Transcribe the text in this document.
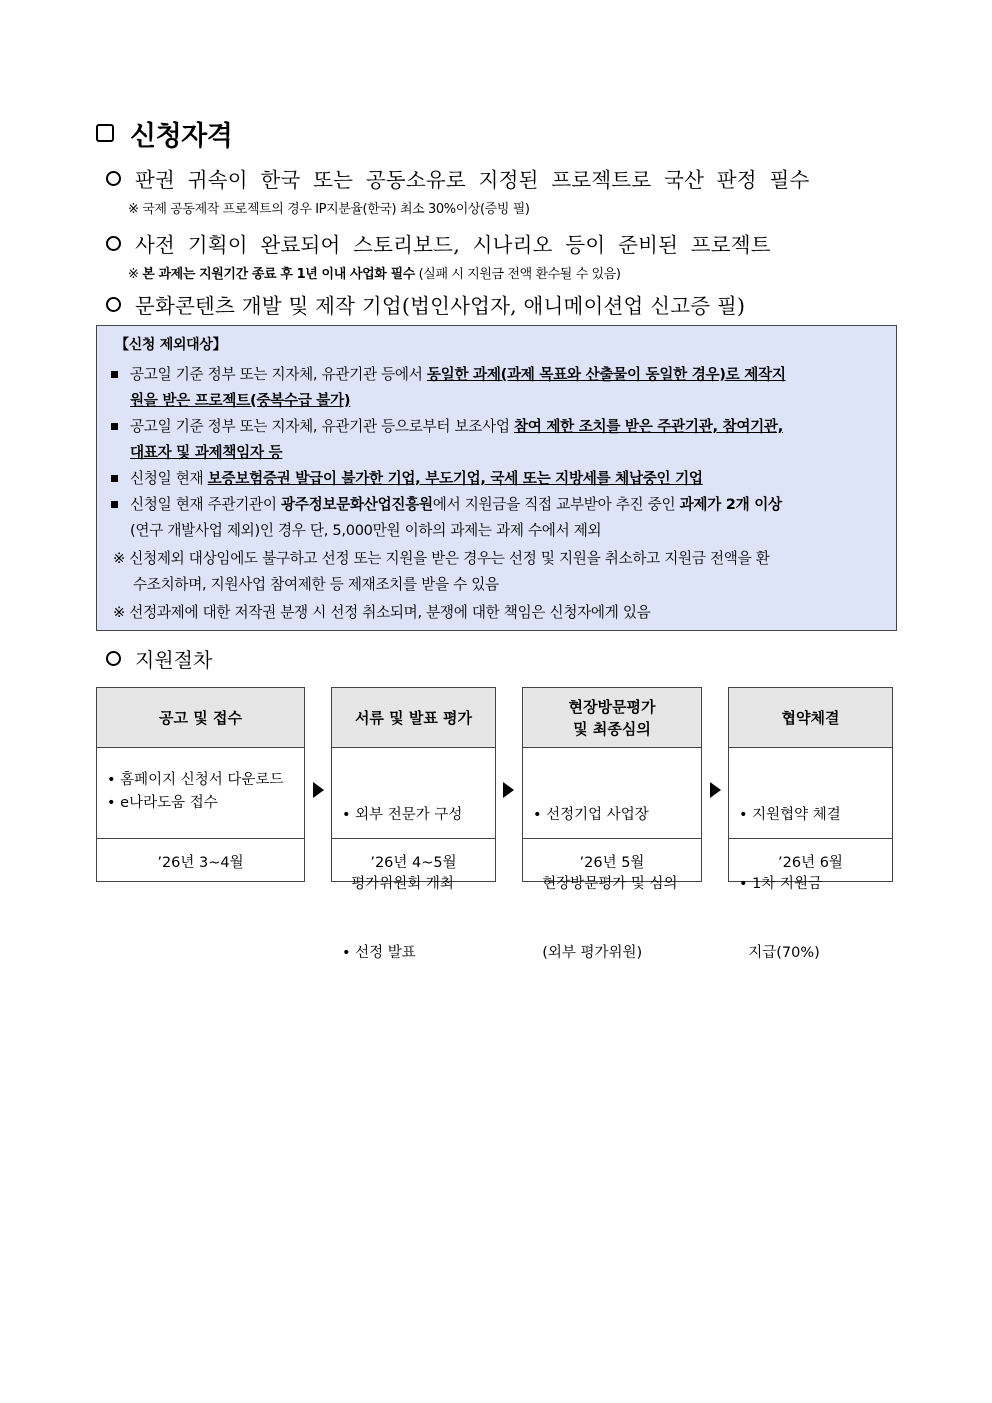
신청자격
판권 귀속이 한국 또는 공동소유로 지정된 프로젝트로 국산 판정 필수
※ 국제 공동제작 프로젝트의 경우 IP지분율(한국) 최소 30%이상(증빙 필)
사전 기획이 완료되어 스토리보드, 시나리오 등이 준비된 프로젝트
※ 본 과제는 지원기간 종료 후 1년 이내 사업화 필수 (실패 시 지원금 전액 환수될 수 있음)
문화콘텐츠 개발 및 제작 기업(법인사업자, 애니메이션업 신고증 필)
【신청 제외대상】
공고일 기준 정부 또는 지자체, 유관기관 등에서 동일한 과제(과제 목표와 산출물이 동일한 경우)로 제작지
원을 받은 프로젝트(중복수급 불가)
공고일 기준 정부 또는 지자체, 유관기관 등으로부터 보조사업 참여 제한 조치를 받은 주관기관, 참여기관,
대표자 및 과제책임자 등
신청일 현재 보증보험증권 발급이 불가한 기업, 부도기업, 국세 또는 지방세를 체납중인 기업
신청일 현재 주관기관이 광주정보문화산업진흥원에서 지원금을 직접 교부받아 추진 중인 과제가 2개 이상
(연구 개발사업 제외)인 경우 단, 5,000만원 이하의 과제는 과제 수에서 제외
※ 신청제외 대상임에도 불구하고 선정 또는 지원을 받은 경우는 선정 및 지원을 취소하고 지원금 전액을 환
수조치하며, 지원사업 참여제한 등 제재조치를 받을 수 있음
※ 선정과제에 대한 저작권 분쟁 시 선정 취소되며, 분쟁에 대한 책임은 신청자에게 있음
지원절차
공고 및 접수
• 홈페이지 신청서 다운로드
• e나라도움 접수
’26년 3~4월
서류 및 발표 평가

• 외부 전문가 구성

평가위원회 개최

• 선정 발표

’26년 4~5월
현장방문평가
및 최종심의

• 선정기업 사업장

현장방문평가 및 심의

(외부 평가위원)

’26년 5월
협약체결

• 지원협약 체결

• 1차 지원금

지급(70%)

’26년 6월
